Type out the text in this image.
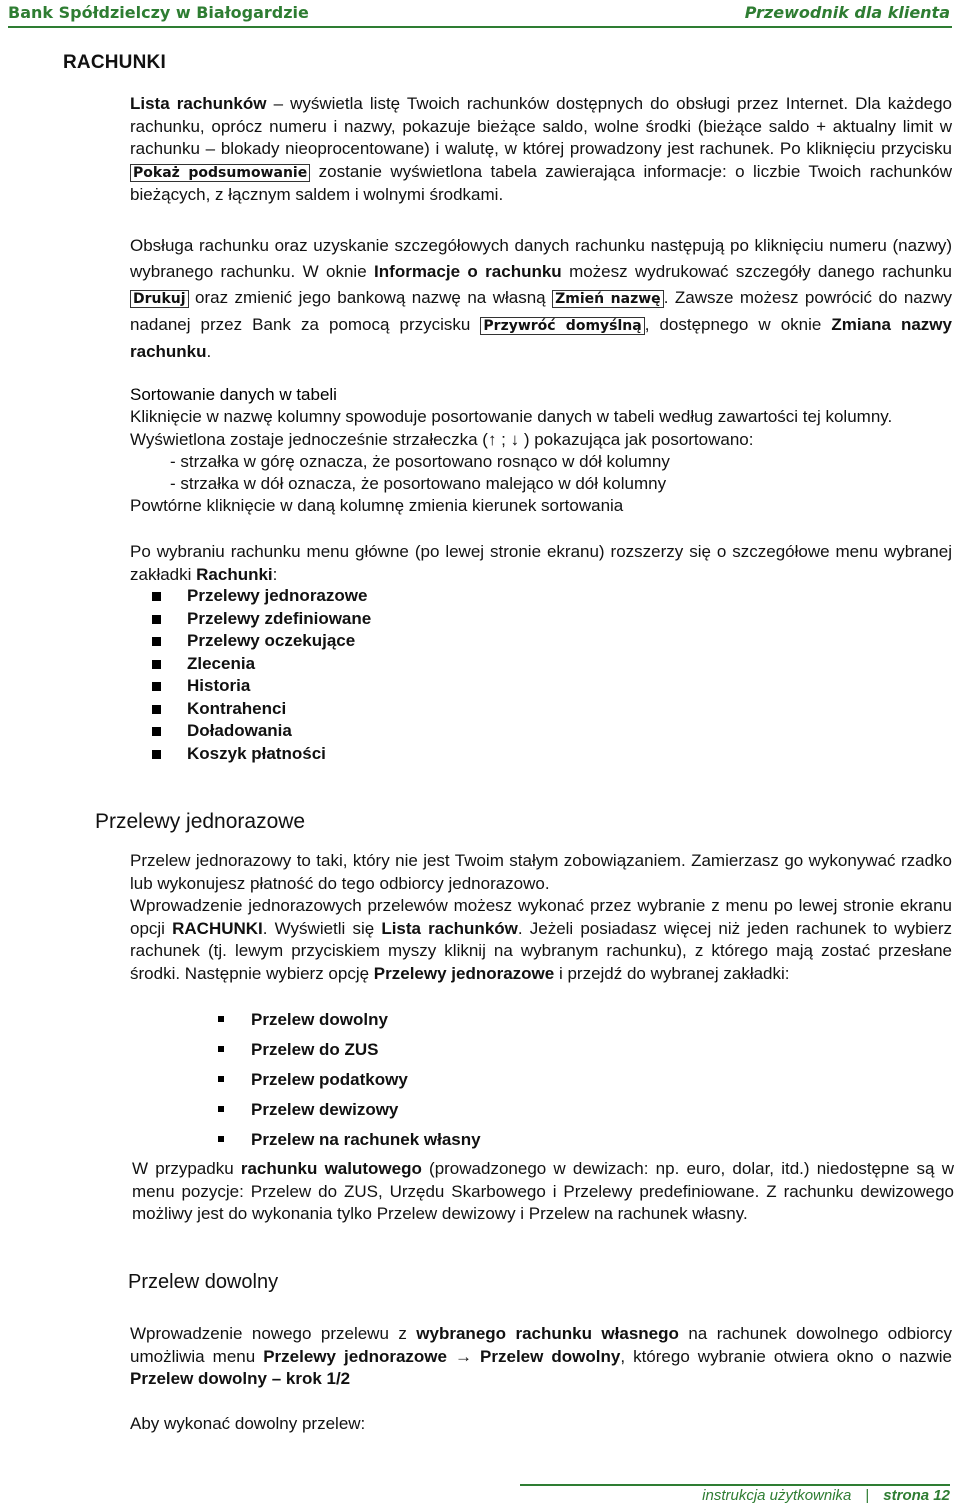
Bank Spółdzielczy w Białogardzie	Przewodnik dla klienta
RACHUNKI

Lista rachunków – wyświetla listę Twoich rachunków dostępnych do obsługi przez Internet. Dla każdego rachunku, oprócz numeru i nazwy, pokazuje bieżące saldo, wolne środki (bieżące saldo + aktualny limit w rachunku – blokady nieoprocentowane) i walutę, w której prowadzony jest rachunek. Po kliknięciu przycisku Pokaż podsumowanie zostanie wyświetlona tabela zawierająca informacje: o liczbie Twoich rachunków bieżących, z łącznym saldem i wolnymi środkami.

Obsługa rachunku oraz uzyskanie szczegółowych danych rachunku następują po kliknięciu numeru (nazwy) wybranego rachunku. W oknie Informacje o rachunku możesz wydrukować szczegóły danego rachunku Drukuj oraz zmienić jego bankową nazwę na własną Zmień nazwę . Zawsze możesz powrócić do nazwy nadanej przez Bank za pomocą przycisku Przywróć domyślną , dostępnego w oknie Zmiana nazwy rachunku.

Sortowanie danych w tabeli

Kliknięcie w nazwę kolumny spowoduje posortowanie danych w tabeli według zawartości tej kolumny. Wyświetlona zostaje jednocześnie strzałeczka (↑ ; ↓ ) pokazująca jak posortowano:

- strzałka w górę oznacza, że posortowano rosnąco w dół kolumny

- strzałka w dół oznacza, że posortowano malejąco w dół kolumny

Powtórne kliknięcie w daną kolumnę zmienia kierunek sortowania

Po wybraniu rachunku menu główne (po lewej stronie ekranu) rozszerzy się o szczegółowe menu wybranej zakładki Rachunki:

Przelewy jednorazowe
Przelewy zdefiniowane
Przelewy oczekujące
Zlecenia
Historia
Kontrahenci
Doładowania
Koszyk płatności
Przelewy jednorazowe

Przelew jednorazowy to taki, który nie jest Twoim stałym zobowiązaniem. Zamierzasz go wykonywać rzadko lub wykonujesz płatność do tego odbiorcy jednorazowo.

Wprowadzenie jednorazowych przelewów możesz wykonać przez wybranie z menu po lewej stronie ekranu opcji RACHUNKI. Wyświetli się Lista rachunków. Jeżeli posiadasz więcej niż jeden rachunek to wybierz rachunek (tj. lewym przyciskiem myszy kliknij na wybranym rachunku), z którego mają zostać przesłane środki. Następnie wybierz opcję Przelewy jednorazowe i przejdź do wybranej zakładki:

Przelew dowolny
Przelew do ZUS
Przelew podatkowy
Przelew dewizowy
Przelew na rachunek własny

W przypadku rachunku walutowego (prowadzonego w dewizach: np. euro, dolar, itd.) niedostępne są w menu pozycje: Przelew do ZUS, Urzędu Skarbowego i Przelewy predefiniowane. Z rachunku dewizowego możliwy jest do wykonania tylko Przelew dewizowy i Przelew na rachunek własny.

Przelew dowolny

Wprowadzenie nowego przelewu z wybranego rachunku własnego na rachunek dowolnego odbiorcy umożliwia menu Przelewy jednorazowe → Przelew dowolny, którego wybranie otwiera okno o nazwie Przelew dowolny – krok 1/2

Aby wykonać dowolny przelew:

instrukcja użytkownika | strona 12
